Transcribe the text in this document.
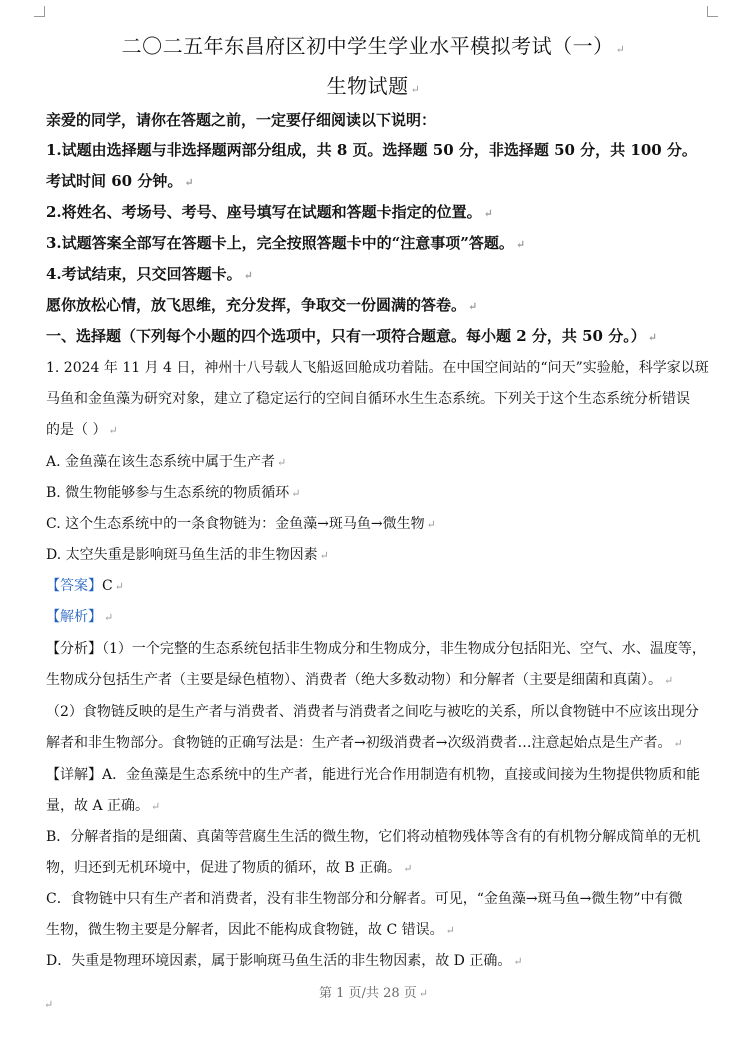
二〇二五年东昌府区初中学生学业水平模拟考试（一） ↵
生物试题 ↵
亲爱的同学，请你在答题之前，一定要仔细阅读以下说明：
1.试题由选择题与非选择题两部分组成，共 8 页。选择题 50 分，非选择题 50 分，共 100 分。
考试时间 60 分钟。 ↵
2.将姓名、考场号、考号、座号填写在试题和答题卡指定的位置。 ↵
3.试题答案全部写在答题卡上，完全按照答题卡中的“注意事项”答题。 ↵
4.考试结束，只交回答题卡。 ↵
愿你放松心情，放飞思维，充分发挥，争取交一份圆满的答卷。 ↵
一、选择题（下列每个小题的四个选项中，只有一项符合题意。每小题 2 分，共 50 分。） ↵
1. 2024 年 11 月 4 日，神州十八号载人飞船返回舱成功着陆。在中国空间站的“问天”实验舱，科学家以斑
马鱼和金鱼藻为研究对象，建立了稳定运行的空间自循环水生生态系统。下列关于这个生态系统分析错误
的是（ ） ↵
A. 金鱼藻在该生态系统中属于生产者 ↵
B. 微生物能够参与生态系统的物质循环 ↵
C. 这个生态系统中的一条食物链为：金鱼藻→斑马鱼→微生物 ↵
D. 太空失重是影响斑马鱼生活的非生物因素 ↵
【答案】C ↵
【解析】 ↵
【分析】（1）一个完整的生态系统包括非生物成分和生物成分，非生物成分包括阳光、空气、水、温度等，
生物成分包括生产者（主要是绿色植物）、消费者（绝大多数动物）和分解者（主要是细菌和真菌）。 ↵
（2）食物链反映的是生产者与消费者、消费者与消费者之间吃与被吃的关系，所以食物链中不应该出现分
解者和非生物部分。食物链的正确写法是：生产者→初级消费者→次级消费者…注意起始点是生产者。 ↵
【详解】A．金鱼藻是生态系统中的生产者，能进行光合作用制造有机物，直接或间接为生物提供物质和能
量，故 A 正确。 ↵
B．分解者指的是细菌、真菌等营腐生生活的微生物，它们将动植物残体等含有的有机物分解成简单的无机
物，归还到无机环境中，促进了物质的循环，故 B 正确。 ↵
C．食物链中只有生产者和消费者，没有非生物部分和分解者。可见，“金鱼藻→斑马鱼→微生物”中有微
生物，微生物主要是分解者，因此不能构成食物链，故 C 错误。 ↵
D．失重是物理环境因素，属于影响斑马鱼生活的非生物因素，故 D 正确。 ↵
第 1 页/共 28 页 ↵
↵
